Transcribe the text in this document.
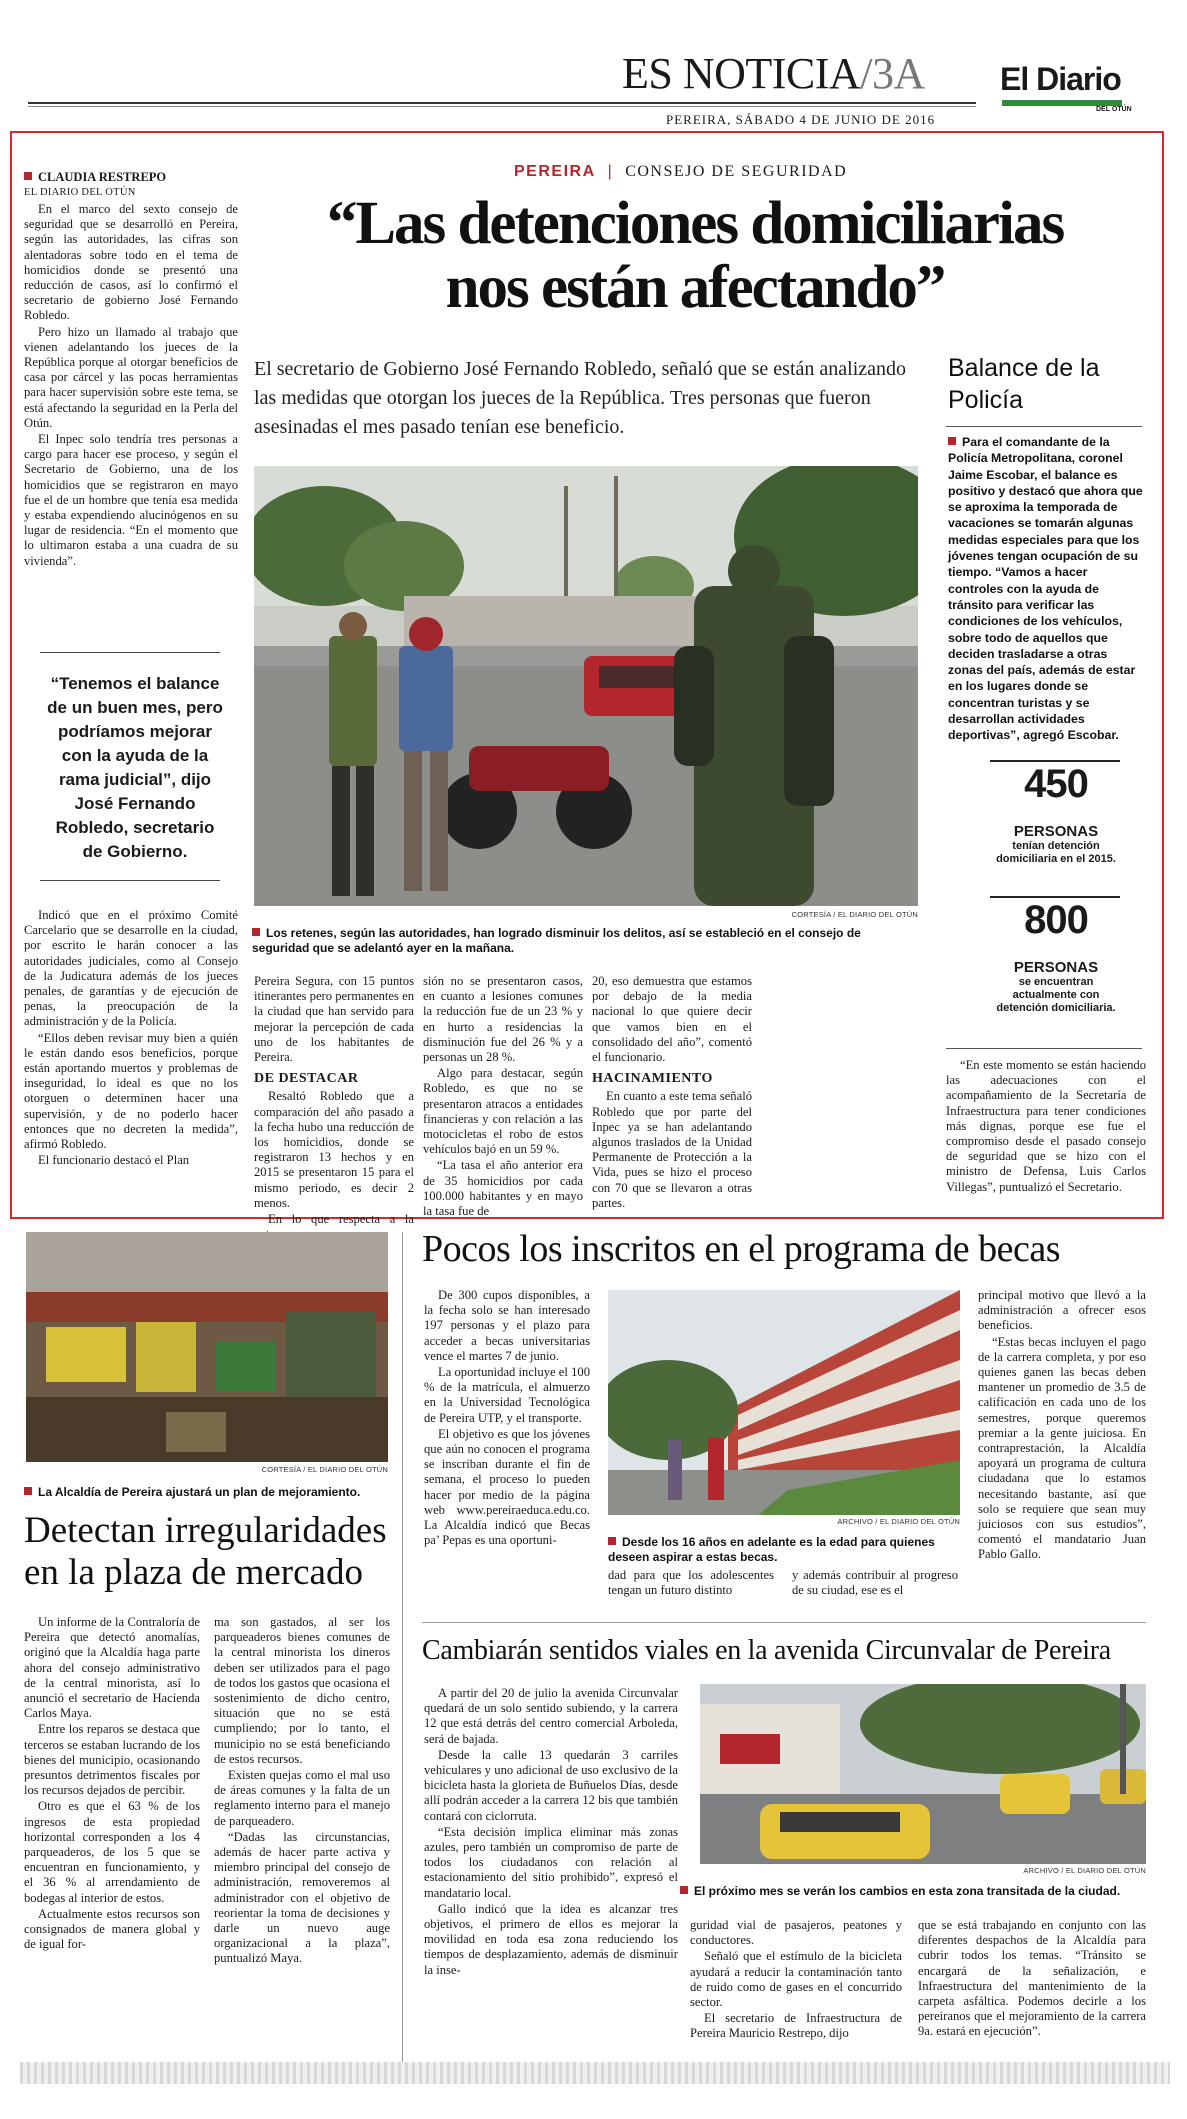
ES NOTICIA/3A
PEREIRA, SÁBADO 4 DE JUNIO DE 2016
El Diario
DEL OTÚN
CLAUDIA RESTREPO
EL DIARIO DEL OTÚN

En el marco del sexto consejo de seguridad que se desarrolló en Pereira, según las autoridades, las cifras son alentadoras sobre todo en el tema de homicidios donde se presentó una reducción de casos, así lo confirmó el secretario de gobierno José Fernando Robledo.

Pero hizo un llamado al trabajo que vienen adelantando los jueces de la República porque al otorgar beneficios de casa por cárcel y las pocas herramientas para hacer supervisión sobre este tema, se está afectando la seguridad en la Perla del Otún.

El Inpec solo tendría tres personas a cargo para hacer ese proceso, y según el Secretario de Gobierno, una de los homicidios que se registraron en mayo fue el de un hombre que tenía esa medida y estaba expendiendo alucinógenos en su lugar de residencia. “En el momento que lo ultimaron estaba a una cuadra de su vivienda”.

“Tenemos el balance de un buen mes, pero podríamos mejorar con la ayuda de la rama judicial”, dijo José Fernando Robledo, secretario de Gobierno.

Indicó que en el próximo Comité Carcelario que se desarrolle en la ciudad, por escrito le harán conocer a las autoridades judiciales, como al Consejo de la Judicatura además de los jueces penales, de garantías y de ejecución de penas, la preocupación de la administración y de la Policía.

“Ellos deben revisar muy bien a quién le están dando esos beneficios, porque están aportando muertos y problemas de inseguridad, lo ideal es que no los otorguen o determinen hacer una supervisión, y de no poderlo hacer entonces que no decreten la medida”, afirmó Robledo.

El funcionario destacó el Plan

PEREIRA | CONSEJO DE SEGURIDAD
“Las detenciones domiciliarias
nos están afectando”
El secretario de Gobierno José Fernando Robledo, señaló que se están analizando las medidas que otorgan los jueces de la República. Tres personas que fueron asesinadas el mes pasado tenían ese beneficio.
CORTESÍA / EL DIARIO DEL OTÚN
Los retenes, según las autoridades, han logrado disminuir los delitos, así se estableció en el consejo de seguridad que se adelantó ayer en la mañana.

Pereira Segura, con 15 puntos itinerantes pero permanentes en la ciudad que han servido para mejorar la percepción de cada uno de los habitantes de Pereira.

DE DESTACAR

Resaltó Robledo que a comparación del año pasado a la fecha hubo una reducción de los homicidios, donde se registraron 13 hechos y en 2015 se presentaron 15 para el mismo periodo, es decir 2 menos.

En lo que respecta a la

sión no se presentaron casos, en cuanto a lesiones comunes la reducción fue de un 23 % y en hurto a residencias la disminución fue del 26 % y a personas un 28 %.

Algo para destacar, según Robledo, es que no se presentaron atracos a entidades financieras y con relación a las motocicletas el robo de estos vehículos bajó en un 59 %.

“La tasa el año anterior era de 35 homicidios por cada 100.000 habitantes y en mayo la tasa fue de

20, eso demuestra que estamos por debajo de la media nacional lo que quiere decir que vamos bien en el consolidado del año”, comentó el funcionario.

HACINAMIENTO

En cuanto a este tema señaló Robledo que por parte del Inpec ya se han adelantando algunos traslados de la Unidad Permanente de Protección a la Vida, pues se hizo el proceso con 70 que se llevaron a otras partes.

Balance de la Policía
Para el comandante de la Policía Metropolitana, coronel Jaime Escobar, el balance es positivo y destacó que ahora que se aproxima la temporada de vacaciones se tomarán algunas medidas especiales para que los jóvenes tengan ocupación de su tiempo. “Vamos a hacer controles con la ayuda de tránsito para verificar las condiciones de los vehículos, sobre todo de aquellos que deciden trasladarse a otras zonas del país, además de estar en los lugares donde se concentran turistas y se desarrollan actividades deportivas”, agregó Escobar.
450
PERSONAS
tenían detención domiciliaria en el 2015.
800
PERSONAS
se encuentran actualmente con detención domiciliaria.

“En este momento se están haciendo las adecuaciones con el acompañamiento de la Secretaría de Infraestructura para tener condiciones más dignas, porque ese fue el compromiso desde el pasado consejo de seguridad que se hizo con el ministro de Defensa, Luis Carlos Villegas”, puntualizó el Secretario.

CORTESÍA / EL DIARIO DEL OTÚN
La Alcaldía de Pereira ajustará un plan de mejoramiento.
Detectan irregularidades
en la plaza de mercado

Un informe de la Contraloría de Pereira que detectó anomalías, originó que la Alcaldía haga parte ahora del consejo administrativo de la central minorista, así lo anunció el secretario de Hacienda Carlos Maya.

Entre los reparos se destaca que terceros se estaban lucrando de los bienes del municipio, ocasionando presuntos detrimentos fiscales por los recursos dejados de percibir.

Otro es que el 63 % de los ingresos de esta propiedad horizontal corresponden a los 4 parqueaderos, de los 5 que se encuentran en funcionamiento, y el 36 % al arrendamiento de bodegas al interior de estos.

Actualmente estos recursos son consignados de manera global y de igual for-

ma son gastados, al ser los parqueaderos bienes comunes de la central minorista los dineros deben ser utilizados para el pago de todos los gastos que ocasiona el sostenimiento de dicho centro, situación que no se está cumpliendo; por lo tanto, el municipio no se está beneficiando de estos recursos.

Existen quejas como el mal uso de áreas comunes y la falta de un reglamento interno para el manejo de parqueadero.

“Dadas las circunstancias, además de hacer parte activa y miembro principal del consejo de administración, removeremos al administrador con el objetivo de reorientar la toma de decisiones y darle un nuevo auge organizacional a la plaza”, puntualizó Maya.

Pocos los inscritos en el programa de becas

De 300 cupos disponibles, a la fecha solo se han interesado 197 personas y el plazo para acceder a becas universitarias vence el martes 7 de junio.

La oportunidad incluye el 100 % de la matrícula, el almuerzo en la Universidad Tecnológica de Pereira UTP, y el transporte.

El objetivo es que los jóvenes que aún no conocen el programa se inscriban durante el fin de semana, el proceso lo pueden hacer por medio de la página web www.pereiraeduca.edu.co. La Alcaldía indicó que Becas pa’ Pepas es una oportuni-

ARCHIVO / EL DIARIO DEL OTÚN
Desde los 16 años en adelante es la edad para quienes deseen aspirar a estas becas.

dad para que los adolescentes tengan un futuro distinto

y además contribuir al progreso de su ciudad, ese es el

principal motivo que llevó a la administración a ofrecer esos beneficios.

“Estas becas incluyen el pago de la carrera completa, y por eso quienes ganen las becas deben mantener un promedio de 3.5 de calificación en cada uno de los semestres, porque queremos premiar a la gente juiciosa. En contraprestación, la Alcaldía apoyará un programa de cultura ciudadana que lo estamos necesitando bastante, así que solo se requiere que sean muy juiciosos con sus estudios”, comentó el mandatario Juan Pablo Gallo.

Cambiarán sentidos viales en la avenida Circunvalar de Pereira

A partir del 20 de julio la avenida Circunvalar quedará de un solo sentido subiendo, y la carrera 12 que está detrás del centro comercial Arboleda, será de bajada.

Desde la calle 13 quedarán 3 carriles vehiculares y uno adicional de uso exclusivo de la bicicleta hasta la glorieta de Buñuelos Días, desde allí podrán acceder a la carrera 12 bis que también contará con ciclorruta.

“Esta decisión implica eliminar más zonas azules, pero también un compromiso de parte de todos los ciudadanos con relación al estacionamiento del sitio prohibido”, expresó el mandatario local.

Gallo indicó que la idea es alcanzar tres objetivos, el primero de ellos es mejorar la movilidad en toda esa zona reduciendo los tiempos de desplazamiento, además de disminuir la inse-

ARCHIVO / EL DIARIO DEL OTÚN
El próximo mes se verán los cambios en esta zona transitada de la ciudad.

guridad vial de pasajeros, peatones y conductores.

Señaló que el estímulo de la bicicleta ayudará a reducir la contaminación tanto de ruido como de gases en el concurrido sector.

El secretario de Infraestructura de Pereira Mauricio Restrepo, dijo

que se está trabajando en conjunto con las diferentes despachos de la Alcaldía para cubrir todos los temas. “Tránsito se encargará de la señalización, e Infraestructura del mantenimiento de la carpeta asfáltica. Podemos decirle a los pereiranos que el mejoramiento de la carrera 9a. estará en ejecución”.
